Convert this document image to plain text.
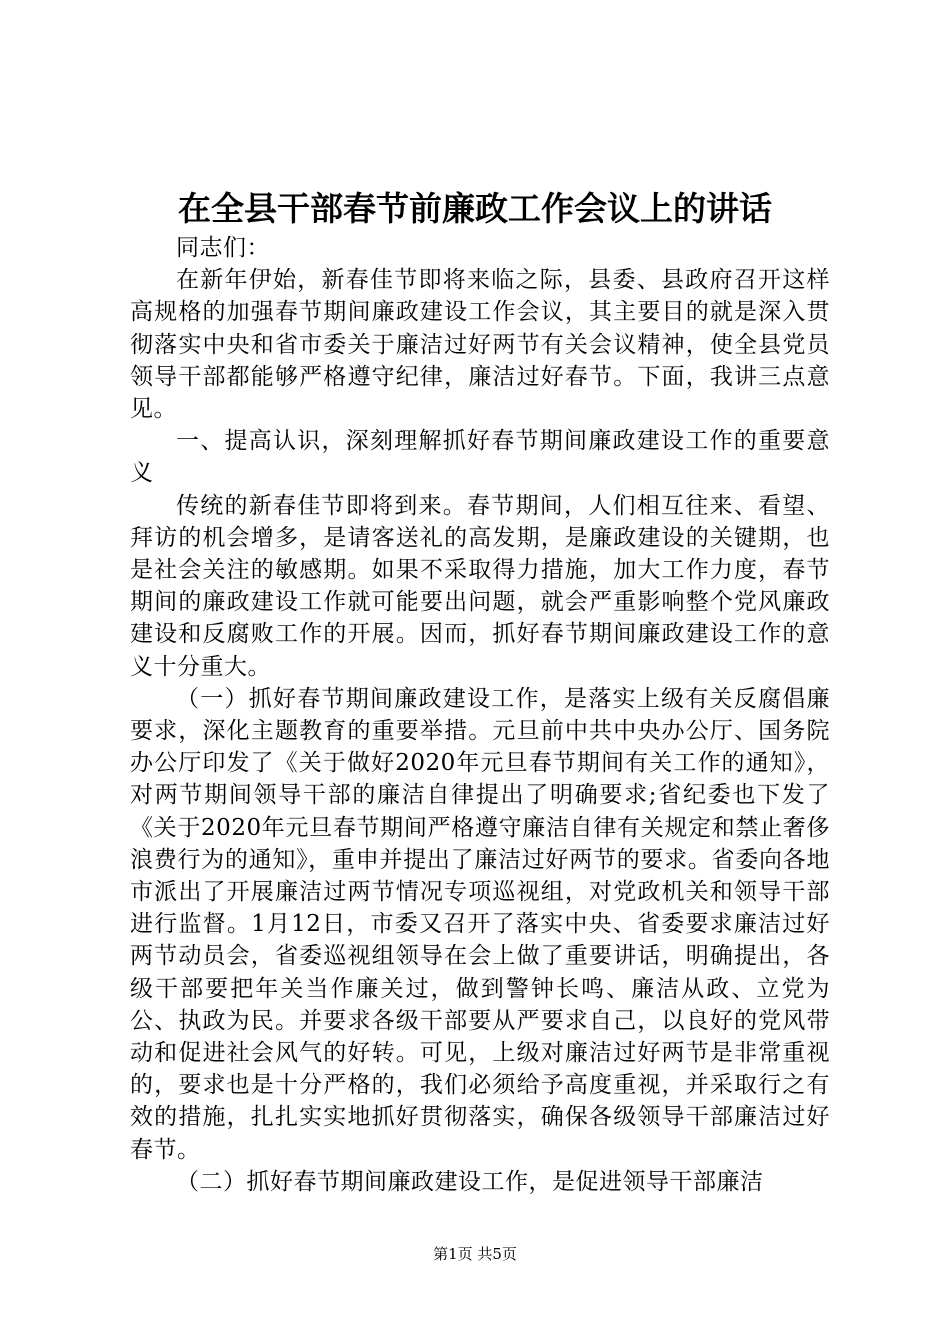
在全县干部春节前廉政工作会议上的讲话

同志们：

在新年伊始，新春佳节即将来临之际，县委、县政府召开这样高规格的加强春节期间廉政建设工作会议，其主要目的就是深入贯彻落实中央和省市委关于廉洁过好两节有关会议精神，使全县党员领导干部都能够严格遵守纪律，廉洁过好春节。下面，我讲三点意见。

一、提高认识，深刻理解抓好春节期间廉政建设工作的重要意义

传统的新春佳节即将到来。春节期间，人们相互往来、看望、拜访的机会增多，是请客送礼的高发期，是廉政建设的关键期，也是社会关注的敏感期。如果不采取得力措施，加大工作力度，春节期间的廉政建设工作就可能要出问题，就会严重影响整个党风廉政建设和反腐败工作的开展。因而，抓好春节期间廉政建设工作的意义十分重大。

（一）抓好春节期间廉政建设工作，是落实上级有关反腐倡廉要求，深化主题教育的重要举措。元旦前中共中央办公厅、国务院办公厅印发了《关于做好2020年元旦春节期间有关工作的通知》，对两节期间领导干部的廉洁自律提出了明确要求;省纪委也下发了《关于2020年元旦春节期间严格遵守廉洁自律有关规定和禁止奢侈浪费行为的通知》，重申并提出了廉洁过好两节的要求。省委向各地市派出了开展廉洁过两节情况专项巡视组，对党政机关和领导干部进行监督。1月12日，市委又召开了落实中央、省委要求廉洁过好两节动员会，省委巡视组领导在会上做了重要讲话，明确提出，各级干部要把年关当作廉关过，做到警钟长鸣、廉洁从政、立党为公、执政为民。并要求各级干部要从严要求自己，以良好的党风带动和促进社会风气的好转。可见，上级对廉洁过好两节是非常重视的，要求也是十分严格的，我们必须给予高度重视，并采取行之有效的措施，扎扎实实地抓好贯彻落实，确保各级领导干部廉洁过好春节。

（二）抓好春节期间廉政建设工作，是促进领导干部廉洁

第1页 共5页
